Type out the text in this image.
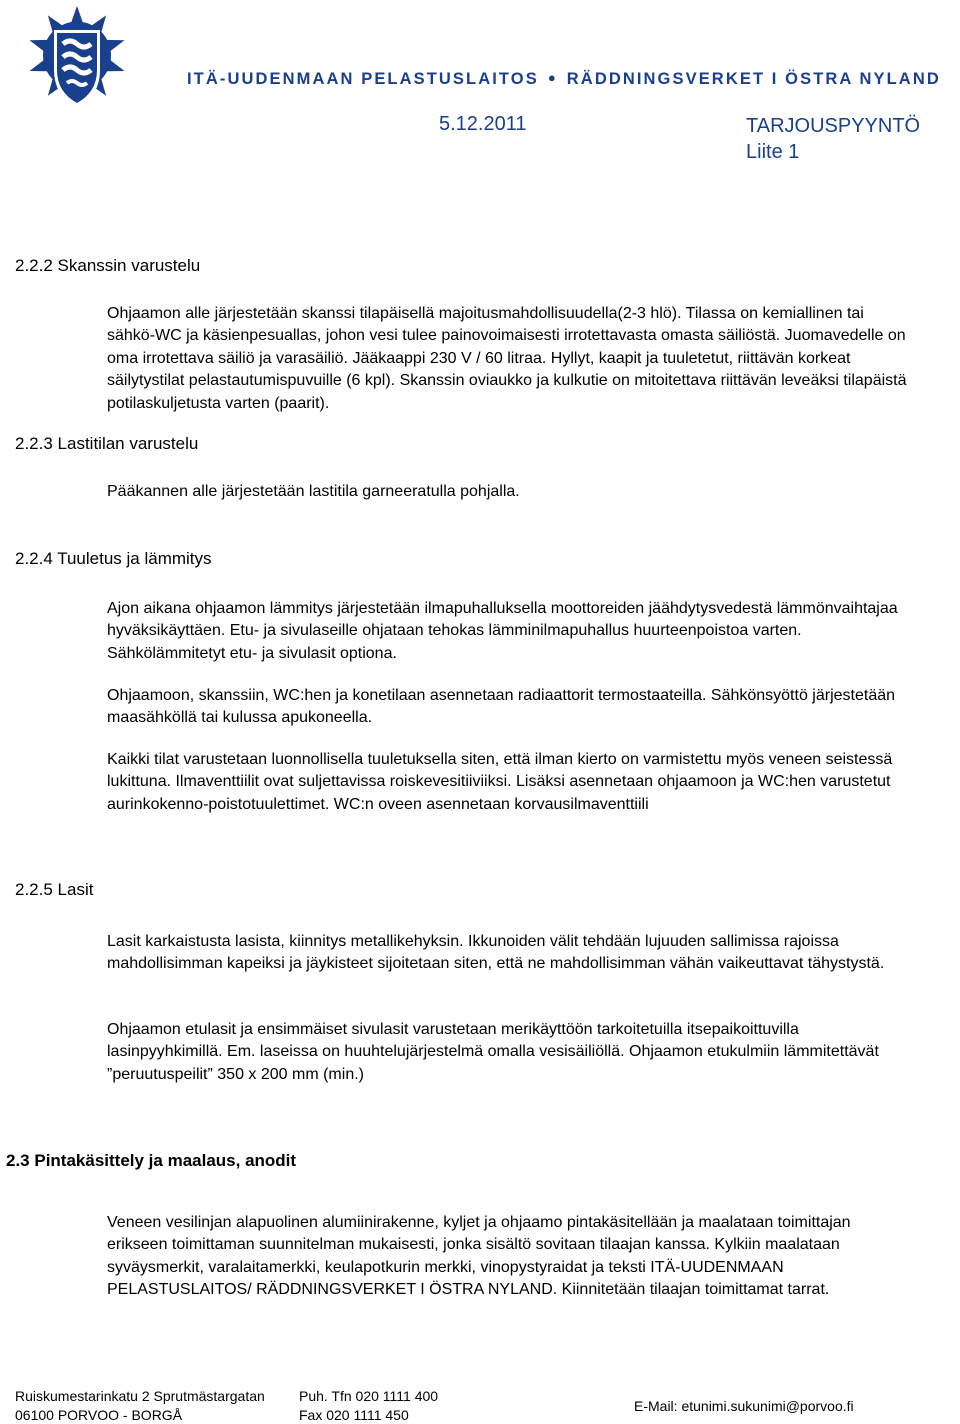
ITÄ-UUDENMAAN PELASTUSLAITOS ● RÄDDNINGSVERKET I ÖSTRA NYLAND
5.12.2011	TARJOUSPYYNTÖ
Liite 1
2.2.2 Skanssin varustelu

Ohjaamon alle järjestetään skanssi tilapäisellä majoitusmahdollisuudella(2-3 hlö). Tilassa on kemiallinen tai sähkö-WC ja käsienpesuallas, johon vesi tulee painovoimaisesti irrotettavasta omasta säiliöstä. Juomavedelle on oma irrotettava säiliö ja varasäiliö. Jääkaappi 230 V / 60 litraa. Hyllyt, kaapit ja tuuletetut, riittävän korkeat säilytystilat pelastautumispuvuille (6 kpl). Skanssin oviaukko ja kulkutie on mitoitettava riittävän leveäksi tilapäistä potilaskuljetusta varten (paarit).

2.2.3 Lastitilan varustelu

Pääkannen alle järjestetään lastitila garneeratulla pohjalla.

2.2.4 Tuuletus ja lämmitys

Ajon aikana ohjaamon lämmitys järjestetään ilmapuhalluksella moottoreiden jäähdytysvedestä lämmönvaihtajaa hyväksikäyttäen. Etu- ja sivulaseille ohjataan tehokas lämminilmapuhallus huurteenpoistoa varten. Sähkölämmitetyt etu- ja sivulasit optiona.

Ohjaamoon, skanssiin, WC:hen ja konetilaan asennetaan radiaattorit termostaateilla. Sähkönsyöttö järjestetään maasähköllä tai kulussa apukoneella.

Kaikki tilat varustetaan luonnollisella tuuletuksella siten, että ilman kierto on varmistettu myös veneen seistessä lukittuna. Ilmaventtiilit ovat suljettavissa roiskevesitiiviiksi. Lisäksi asennetaan ohjaamoon ja WC:hen varustetut aurinkokenno-poistotuulettimet. WC:n oveen asennetaan korvausilmaventtiili

2.2.5 Lasit

Lasit karkaistusta lasista, kiinnitys metallikehyksin. Ikkunoiden välit tehdään lujuuden sallimissa rajoissa mahdollisimman kapeiksi ja jäykisteet sijoitetaan siten, että ne mahdollisimman vähän vaikeuttavat tähystystä.

Ohjaamon etulasit ja ensimmäiset sivulasit varustetaan merikäyttöön tarkoitetuilla itsepaikoittuvilla lasinpyyhkimillä. Em. laseissa on huuhtelujärjestelmä omalla vesisäiliöllä. Ohjaamon etukulmiin lämmitettävät ”peruutuspeilit” 350 x 200 mm (min.)

2.3 Pintakäsittely ja maalaus, anodit

Veneen vesilinjan alapuolinen alumiinirakenne, kyljet ja ohjaamo pintakäsitellään ja maalataan toimittajan erikseen toimittaman suunnitelman mukaisesti, jonka sisältö sovitaan tilaajan kanssa. Kylkiin maalataan syväysmerkit, varalaitamerkki, keulapotkurin merkki, vinopystyraidat ja teksti ITÄ-UUDENMAAN PELASTUSLAITOS/ RÄDDNINGSVERKET I ÖSTRA NYLAND. Kiinnitetään tilaajan toimittamat tarrat.

Ruiskumestarinkatu 2 Sprutmästargatan
06100 PORVOO - BORGÅ
Puh. Tfn 020 1111 400
Fax 020 1111 450
E-Mail: etunimi.sukunimi@porvoo.fi
